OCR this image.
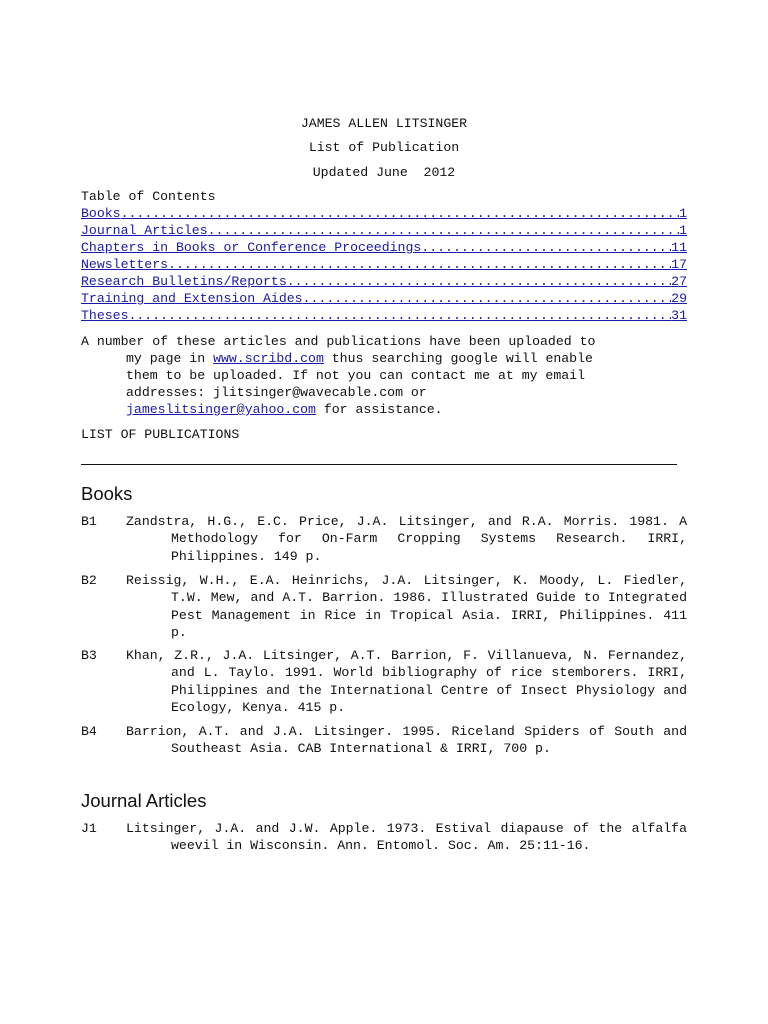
JAMES ALLEN LITSINGER
List of Publication
Updated June  2012
Table of Contents
Books .....	1
Journal Articles .....	1
Chapters in Books or Conference Proceedings .....	11
Newsletters .....	17
Research Bulletins/Reports .....	27
Training and Extension Aides .....	29
Theses .....	31
A number of these articles and publications have been uploaded to
my page in www.scribd.com thus searching google will enable
them to be uploaded. If not you can contact me at my email
addresses: jlitsinger@wavecable.com or
jameslitsinger@yahoo.com for assistance.
LIST OF PUBLICATIONS
Books
B1 Zandstra, H.G., E.C. Price, J.A. Litsinger, and R.A. Morris. 1981. A Methodology for On-Farm Cropping Systems Research. IRRI, Philippines. 149 p.
B2 Reissig, W.H., E.A. Heinrichs, J.A. Litsinger, K. Moody, L. Fiedler, T.W. Mew, and A.T. Barrion. 1986. Illustrated Guide to Integrated Pest Management in Rice in Tropical Asia. IRRI, Philippines. 411 p.
B3 Khan, Z.R., J.A. Litsinger, A.T. Barrion, F. Villanueva, N. Fernandez, and L. Taylo. 1991. World bibliography of rice stemborers. IRRI, Philippines and the International Centre of Insect Physiology and Ecology, Kenya. 415 p.
B4 Barrion, A.T. and J.A. Litsinger. 1995. Riceland Spiders of South and Southeast Asia. CAB International & IRRI, 700 p.
Journal Articles
J1 Litsinger, J.A. and J.W. Apple. 1973. Estival diapause of the alfalfa weevil in Wisconsin. Ann. Entomol. Soc. Am. 25:11-16.
